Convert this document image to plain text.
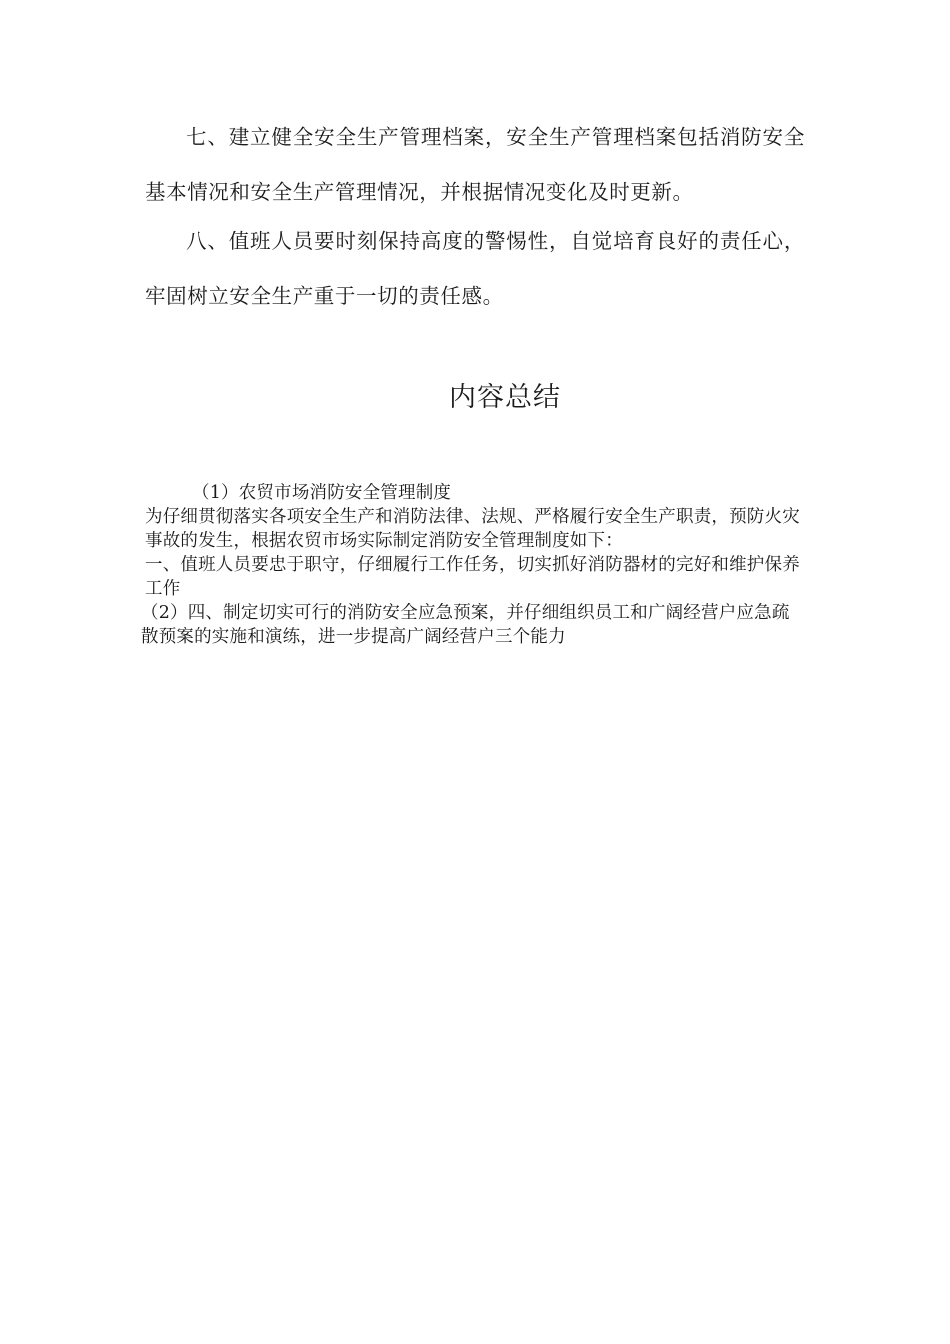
七、建立健全安全生产管理档案，安全生产管理档案包括消防安全基本情况和安全生产管理情况，并根据情况变化及时更新。

八、值班人员要时刻保持高度的警惕性，自觉培育良好的责任心，牢固树立安全生产重于一切的责任感。

内容总结

（1）农贸市场消防安全管理制度

为仔细贯彻落实各项安全生产和消防法律、法规、严格履行安全生产职责，预防火灾事故的发生，根据农贸市场实际制定消防安全管理制度如下：

一、值班人员要忠于职守，仔细履行工作任务，切实抓好消防器材的完好和维护保养工作

（2）四、制定切实可行的消防安全应急预案，并仔细组织员工和广阔经营户应急疏散预案的实施和演练，进一步提高广阔经营户三个能力
